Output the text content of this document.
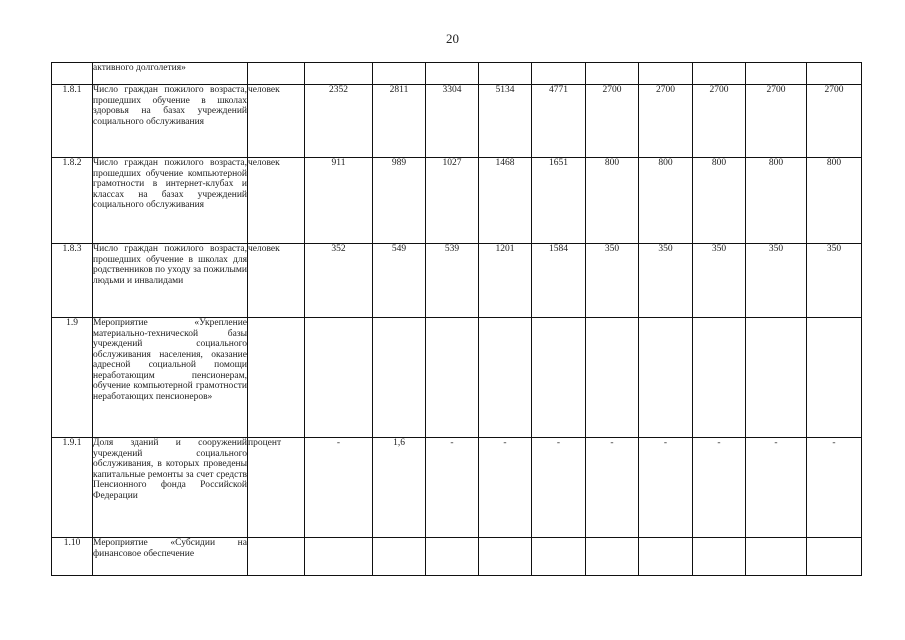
20
	активного долголетия»											
1.8.1	Число граждан пожилого возраста, прошедших обучение в школах здоровья на базах учреждений социального обслуживания	человек	2352	2811	3304	5134	4771	2700	2700	2700	2700	2700
1.8.2	Число граждан пожилого возраста, прошедших обучение компьютерной грамотности в интернет-клубах и классах на базах учреждений социального обслуживания	человек	911	989	1027	1468	1651	800	800	800	800	800
1.8.3	Число граждан пожилого возраста, прошедших обучение в школах для родственников по уходу за пожилыми людьми и инвалидами	человек	352	549	539	1201	1584	350	350	350	350	350
1.9	Мероприятие «Укрепление материально-технической базы учреждений социального обслуживания населения, оказание адресной социальной помощи неработающим пенсионерам, обучение компьютерной грамотности неработающих пенсионеров»											
1.9.1	Доля зданий и сооружений учреждений социального обслуживания, в которых проведены капитальные ремонты за счет средств Пенсионного фонда Российской Федерации	процент	-	1,6	-	-	-	-	-	-	-	-
1.10	Мероприятие «Субсидии на финансовое обеспечение											
